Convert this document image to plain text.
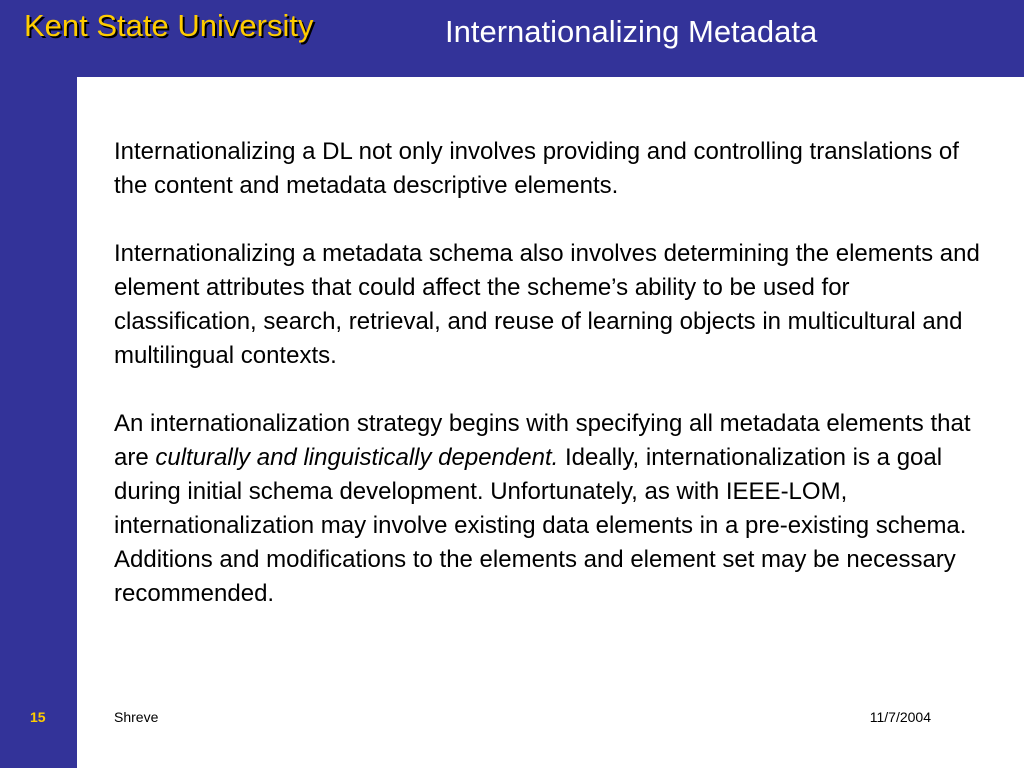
Kent State University	Internationalizing Metadata

Internationalizing a DL not only involves providing and controlling translations of the content and metadata descriptive elements.

Internationalizing a metadata schema also involves determining the elements and element attributes that could affect the scheme’s ability to be used for classification, search, retrieval, and reuse of learning objects in multicultural and multilingual contexts.

An internationalization strategy begins with specifying all metadata elements that are culturally and linguistically dependent. Ideally, internationalization is a goal during initial schema development. Unfortunately, as with IEEE-LOM, internationalization may involve existing data elements in a pre-existing schema. Additions and modifications to the elements and element set may be necessary recommended.

Shreve	11/7/2004
15
